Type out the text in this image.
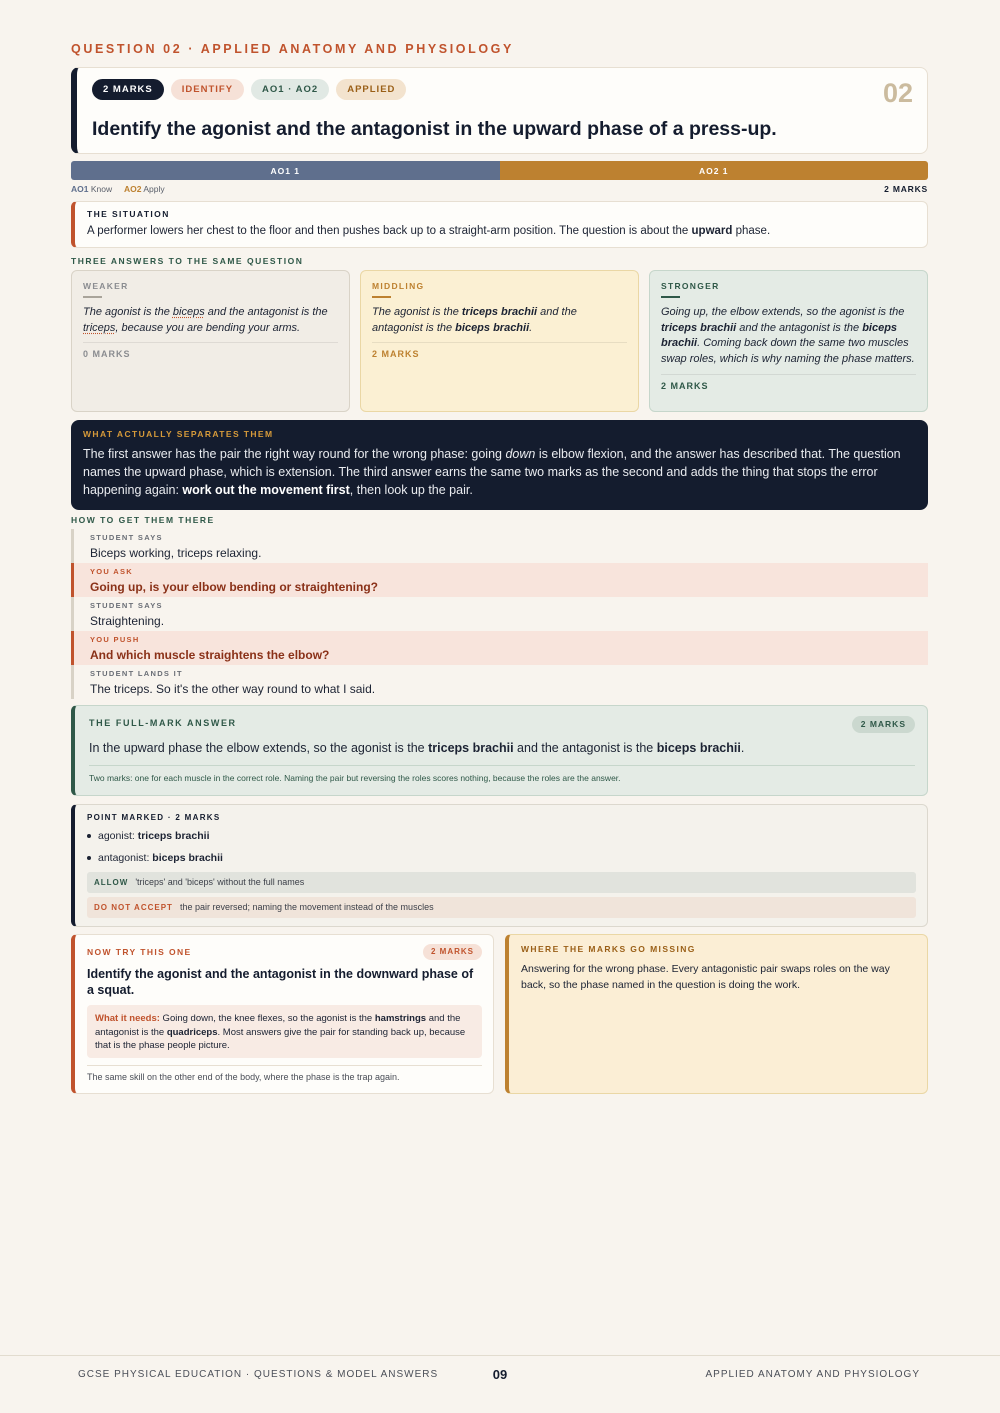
QUESTION 02 · APPLIED ANATOMY AND PHYSIOLOGY
2 MARKS	IDENTIFY	AO1 · AO2	APPLIED	02
Identify the agonist and the antagonist in the upward phase of a press-up.
AO1 1	AO2 1
AO1 Know AO2 Apply	2 MARKS
THE SITUATION
A performer lowers her chest to the floor and then pushes back up to a straight-arm position. The question is about the upward phase.
THREE ANSWERS TO THE SAME QUESTION
WEAKER
The agonist is the biceps and the antagonist is the triceps, because you are bending your arms.
0 MARKS
MIDDLING
The agonist is the triceps brachii and the antagonist is the biceps brachii.
2 MARKS
STRONGER
Going up, the elbow extends, so the agonist is the triceps brachii and the antagonist is the biceps brachii. Coming back down the same two muscles swap roles, which is why naming the phase matters.
2 MARKS
WHAT ACTUALLY SEPARATES THEM
The first answer has the pair the right way round for the wrong phase: going down is elbow flexion, and the answer has described that. The question names the upward phase, which is extension. The third answer earns the same two marks as the second and adds the thing that stops the error happening again: work out the movement first, then look up the pair.
HOW TO GET THEM THERE
STUDENT SAYS
Biceps working, triceps relaxing.
YOU ASK
Going up, is your elbow bending or straightening?
STUDENT SAYS
Straightening.
YOU PUSH
And which muscle straightens the elbow?
STUDENT LANDS IT
The triceps. So it's the other way round to what I said.
THE FULL-MARK ANSWER	2 MARKS
In the upward phase the elbow extends, so the agonist is the triceps brachii and the antagonist is the biceps brachii.
Two marks: one for each muscle in the correct role. Naming the pair but reversing the roles scores nothing, because the roles are the answer.
POINT MARKED · 2 MARKS
agonist: triceps brachii
antagonist: biceps brachii
ALLOW 'triceps' and 'biceps' without the full names
DO NOT ACCEPT the pair reversed; naming the movement instead of the muscles
NOW TRY THIS ONE	2 MARKS
Identify the agonist and the antagonist in the downward phase of a squat.
What it needs: Going down, the knee flexes, so the agonist is the hamstrings and the antagonist is the quadriceps. Most answers give the pair for standing back up, because that is the phase people picture.
The same skill on the other end of the body, where the phase is the trap again.
WHERE THE MARKS GO MISSING
Answering for the wrong phase. Every antagonistic pair swaps roles on the way back, so the phase named in the question is doing the work.
GCSE PHYSICAL EDUCATION · QUESTIONS & MODEL ANSWERS	09	APPLIED ANATOMY AND PHYSIOLOGY
